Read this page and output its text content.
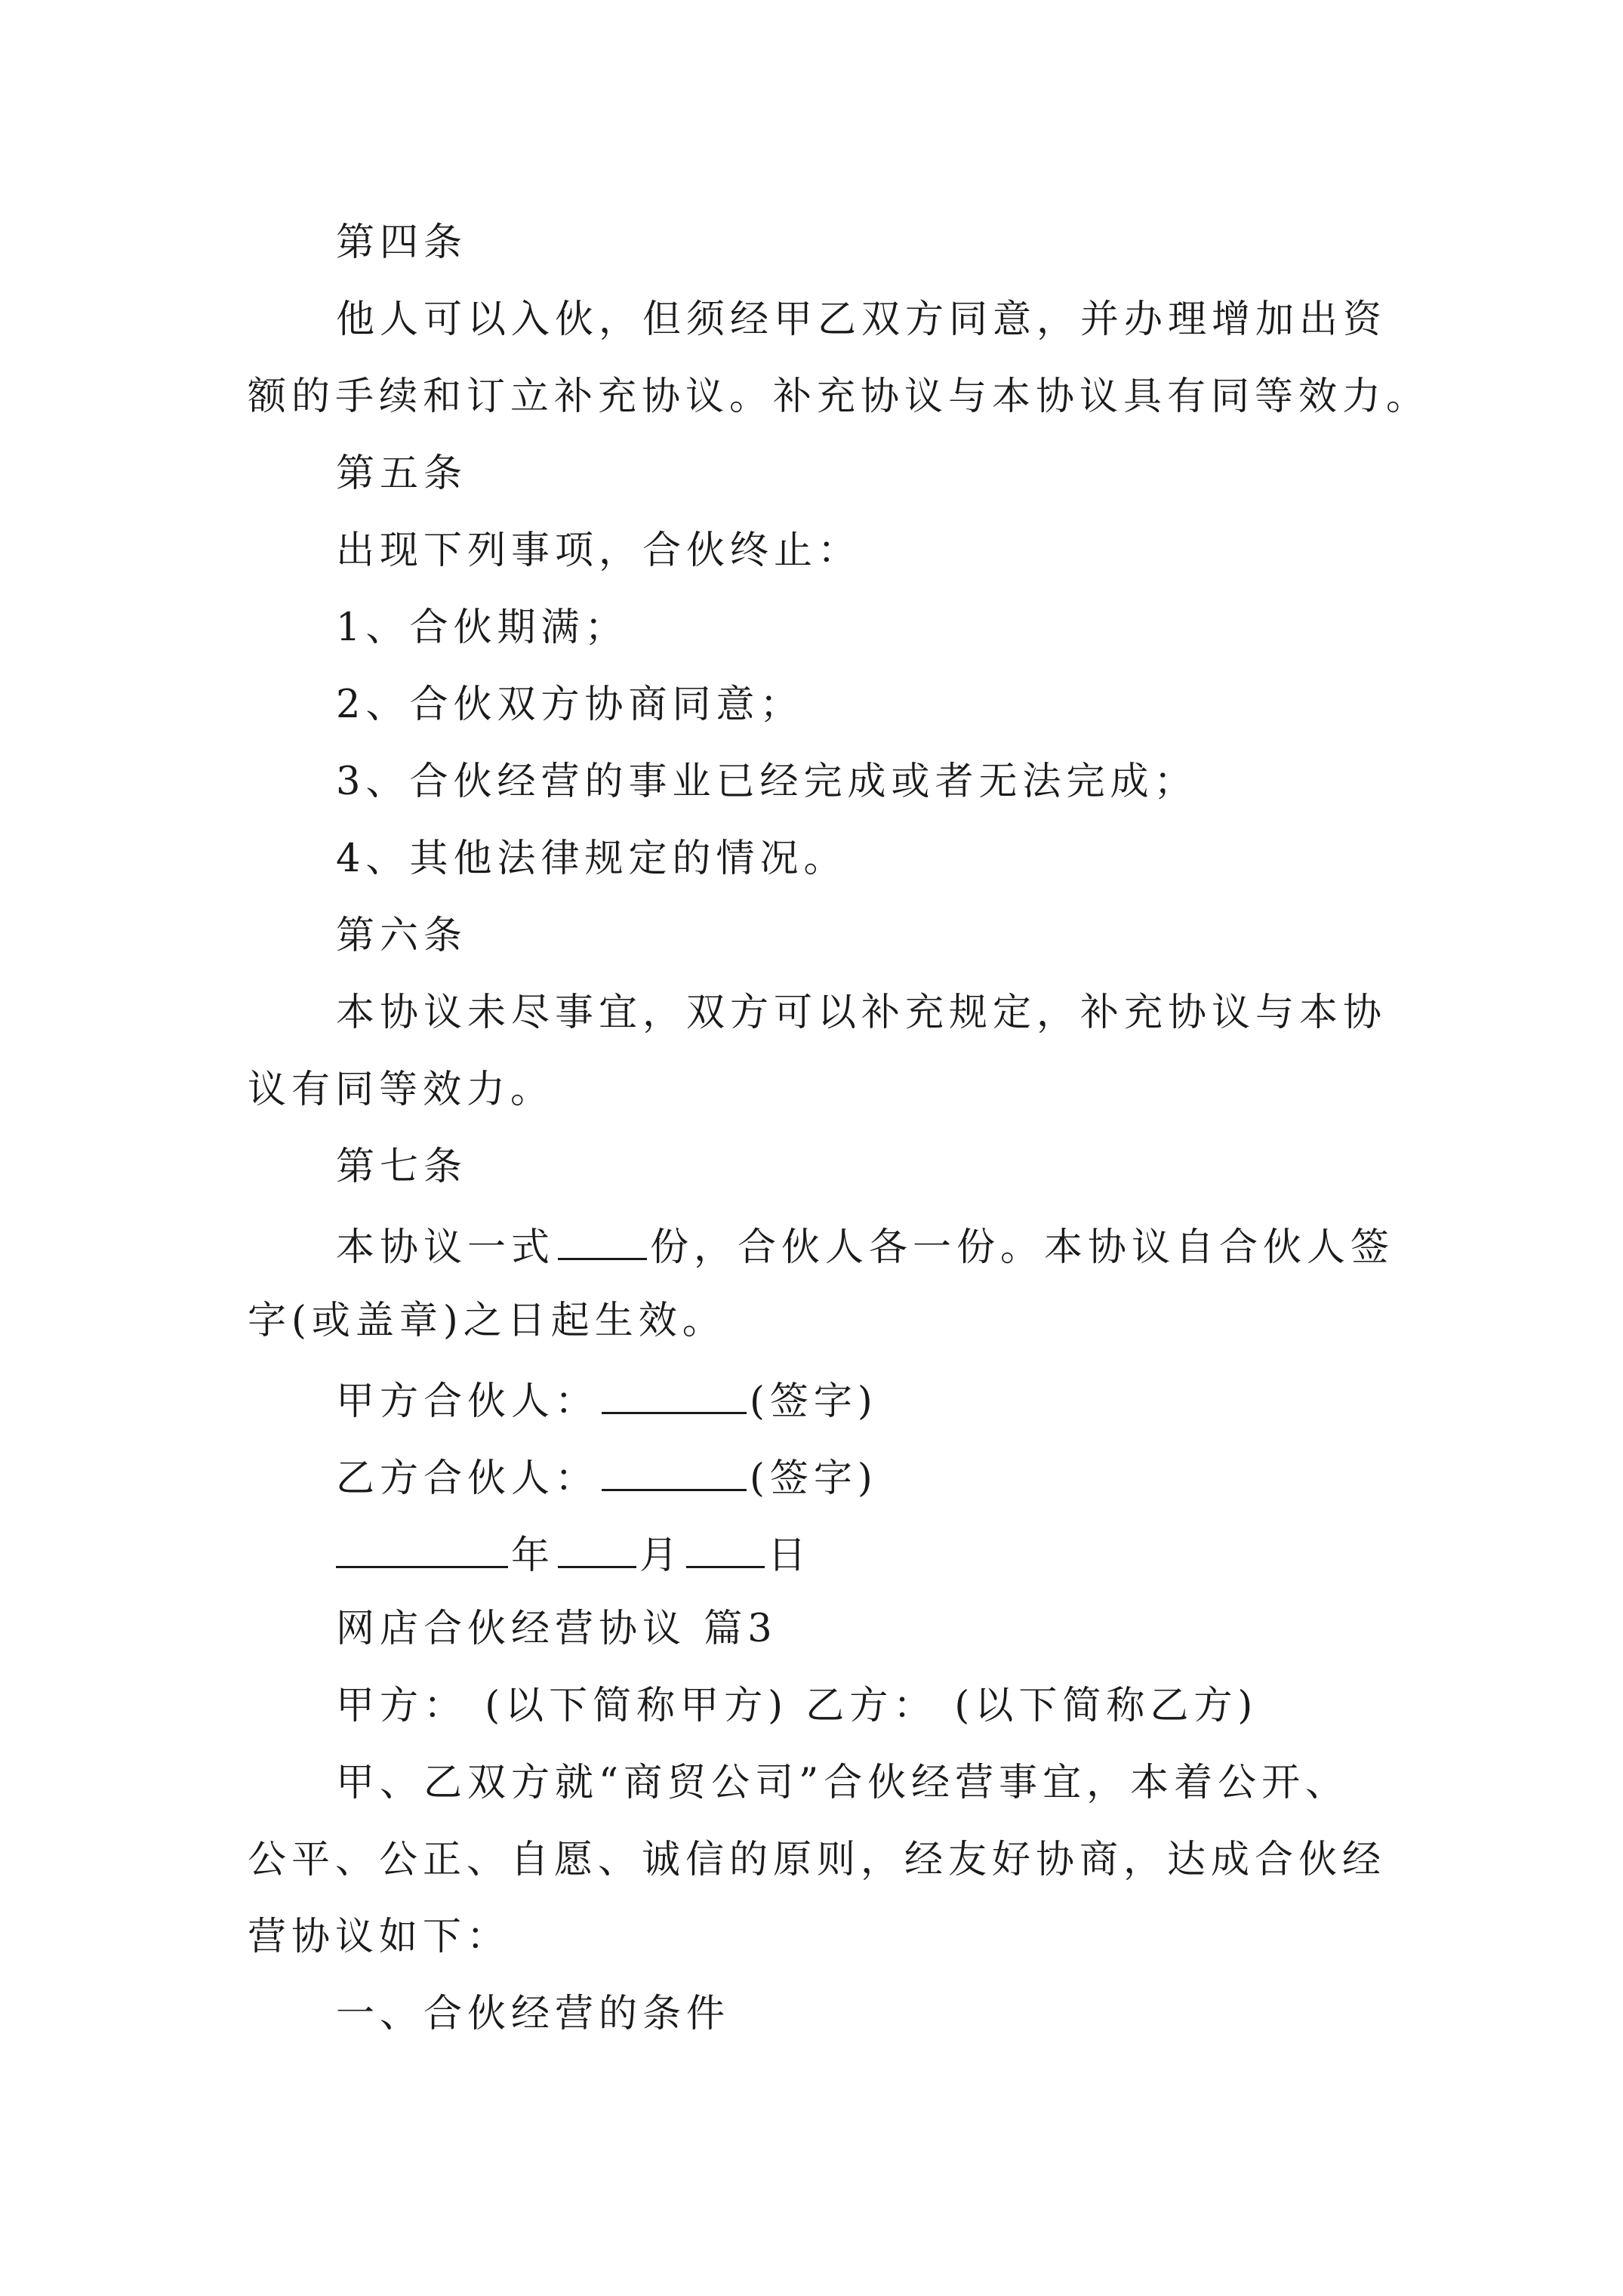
第四条

他人可以入伙，但须经甲乙双方同意，并办理增加出资

额的手续和订立补充协议。补充协议与本协议具有同等效力。

第五条

出现下列事项，合伙终止：

1、合伙期满；

2、合伙双方协商同意；

3、合伙经营的事业已经完成或者无法完成；

4、其他法律规定的情况。

第六条

本协议未尽事宜，双方可以补充规定，补充协议与本协

议有同等效力。

第七条

本协议一式 份，合伙人各一份。本协议自合伙人签

字(或盖章)之日起生效。

甲方合伙人：	(签字)

乙方合伙人：	(签字)

年 月 日

网店合伙经营协议 篇3

甲方： (以下简称甲方) 乙方： (以下简称乙方)

甲、乙双方就“商贸公司”合伙经营事宜，本着公开、

公平、公正、自愿、诚信的原则，经友好协商，达成合伙经

营协议如下：

一、合伙经营的条件
